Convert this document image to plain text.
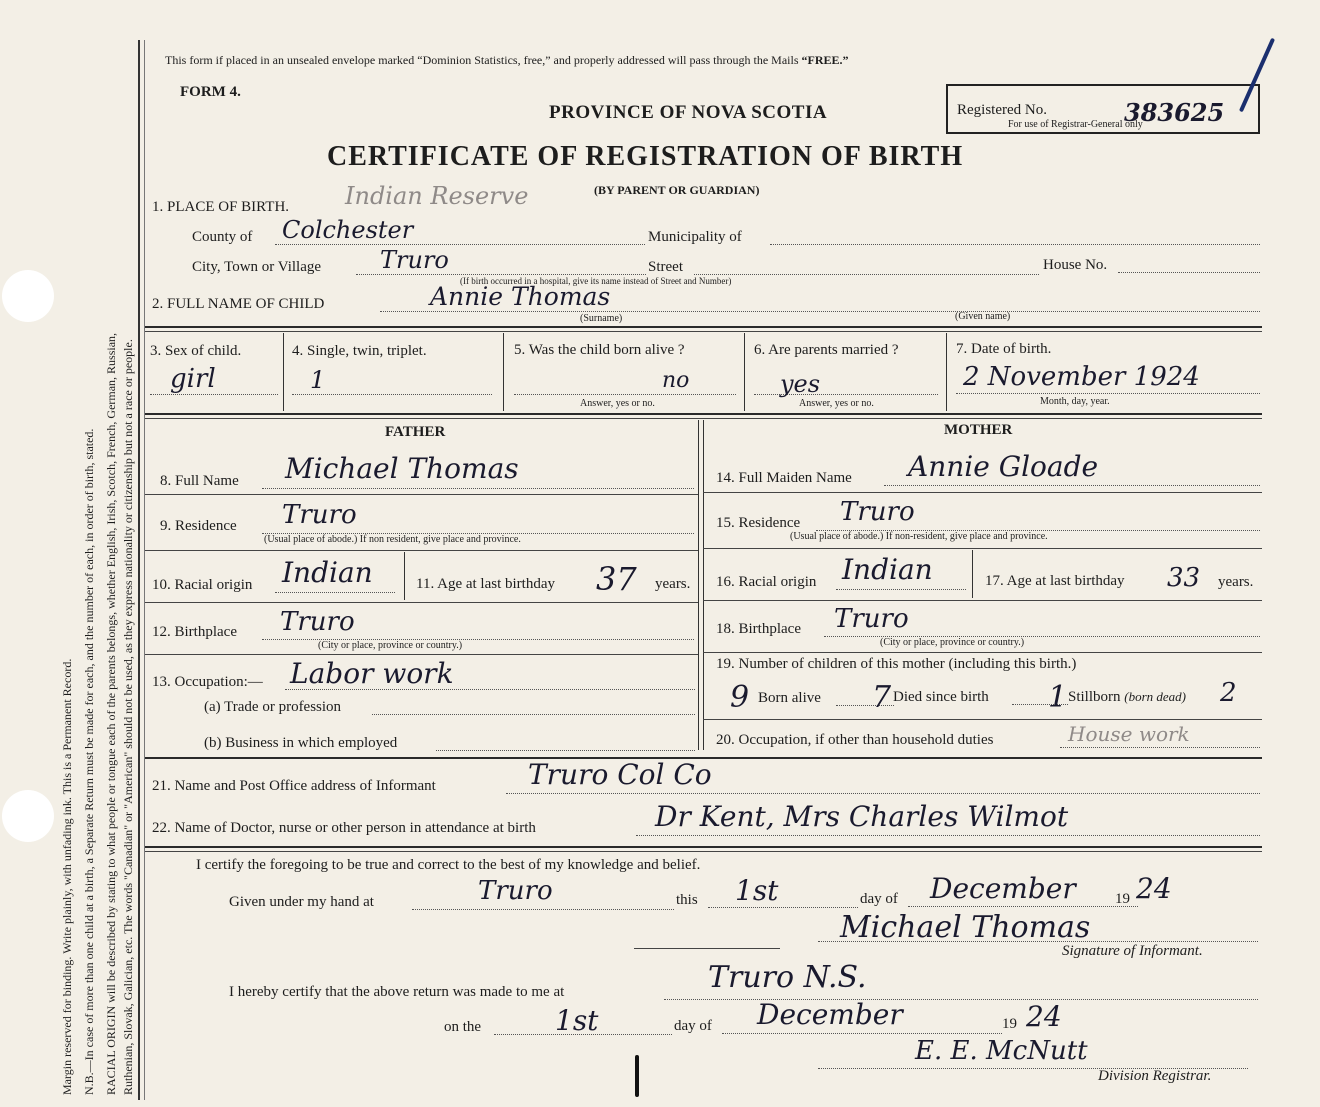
Margin reserved for binding. Write plainly, with unfading ink. This is a Permanent Record. N.B.—In case of more than one child at a birth, a Separate Return must be made for each, and the number of each, in order of birth, stated. RACIAL ORIGIN will be described by stating to what people or tongue each of the parents belongs, whether English, Irish, Scotch, French, German, Russian, Ruthenian, Slovak, Galician, etc. The words "Canadian" or "American" should not be used, as they express nationality or citizenship but not a race or people.
This form if placed in an unsealed envelope marked “Dominion Statistics, free,” and properly addressed will pass through the Mails “FREE.”
FORM 4.
PROVINCE OF NOVA SCOTIA
CERTIFICATE OF REGISTRATION OF BIRTH
(BY PARENT OR GUARDIAN)
Registered No.
For use of Registrar-General only
383625
1. PLACE OF BIRTH. Indian Reserve
County of Colchester	Municipality of
City, Town or Village Truro
(If birth occurred in a hospital, give its name instead of Street and Number)
Street	House No.
2. FULL NAME OF CHILD	Annie Thomas
(Surname)	(Given name)
3. Sex of child.
girl
4. Single, twin, triplet.
1
5. Was the child born alive ?
no
Answer, yes or no.
6. Are parents married ?
yes
Answer, yes or no.
7. Date of birth.
2 November 1924
Month, day, year.
FATHER
8. Full Name Michael Thomas
9. Residence Truro
(Usual place of abode.) If non resident, give place and province.
10. Racial origin Indian	11. Age at last birthday 37 years.
12. Birthplace Truro
(City or place, province or country.)
13. Occupation:— Labor work
(a) Trade or profession
(b) Business in which employed
MOTHER
14. Full Maiden Name Annie Gloade
15. Residence Truro
(Usual place of abode.) If non-resident, give place and province.
16. Racial origin Indian	17. Age at last birthday 33 years.
18. Birthplace Truro
(City or place, province or country.)
19. Number of children of this mother (including this birth.)
9 Born alive 7 Died since birth 1 Stillborn (born dead) 2
20. Occupation, if other than household duties	House work
21. Name and Post Office address of Informant	Truro Col Co
22. Name of Doctor, nurse or other person in attendance at birth	Dr Kent, Mrs Charles Wilmot
I certify the foregoing to be true and correct to the best of my knowledge and belief.
Given under my hand at	Truro	this 1st	day of December	19 24
Michael Thomas
Signature of Informant.
I hereby certify that the above return was made to me at	Truro N.S.
on the	1st	day of December	19 24
E. E. McNutt
Division Registrar.
